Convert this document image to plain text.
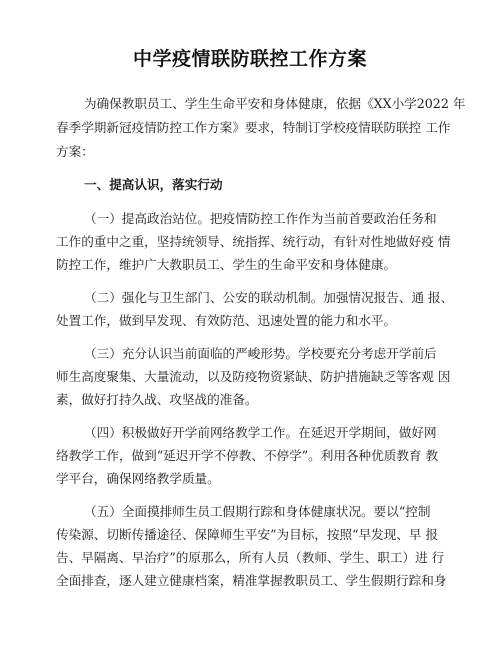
中学疫情联防联控工作方案
为确保教职员工、学生生命平安和身体健康，依据《XX小学2022 年
春季学期新冠疫情防控工作方案》要求，特制订学校疫情联防联控 工作
方案：
一、提高认识，落实行动
（一）提高政治站位。把疫情防控工作作为当前首要政治任务和
工作的重中之重，坚持统领导、统指挥、统行动，有针对性地做好疫 情
防控工作，维护广大教职员工、学生的生命平安和身体健康。
（二）强化与卫生部门、公安的联动机制。加强情况报告、通 报、
处置工作，做到早发现、有效防范、迅速处置的能力和水平。
（三）充分认识当前面临的严峻形势。学校要充分考虑开学前后
师生高度聚集、大量流动，以及防疫物资紧缺、防护措施缺乏等客观 因
素，做好打持久战、攻坚战的准备。
（四）积极做好开学前网络教学工作。在延迟开学期间，做好网
络教学工作，做到“延迟开学不停教、不停学”。利用各种优质教育 教
学平台，确保网络教学质量。
（五）全面摸排师生员工假期行踪和身体健康状况。要以“控制
传染源、切断传播途径、保障师生平安”为目标，按照“早发现、早 报
告、早隔离、早治疗”的原那么，所有人员（教师、学生、职工）进 行
全面排查，逐人建立健康档案，精准掌握教职员工、学生假期行踪和身
